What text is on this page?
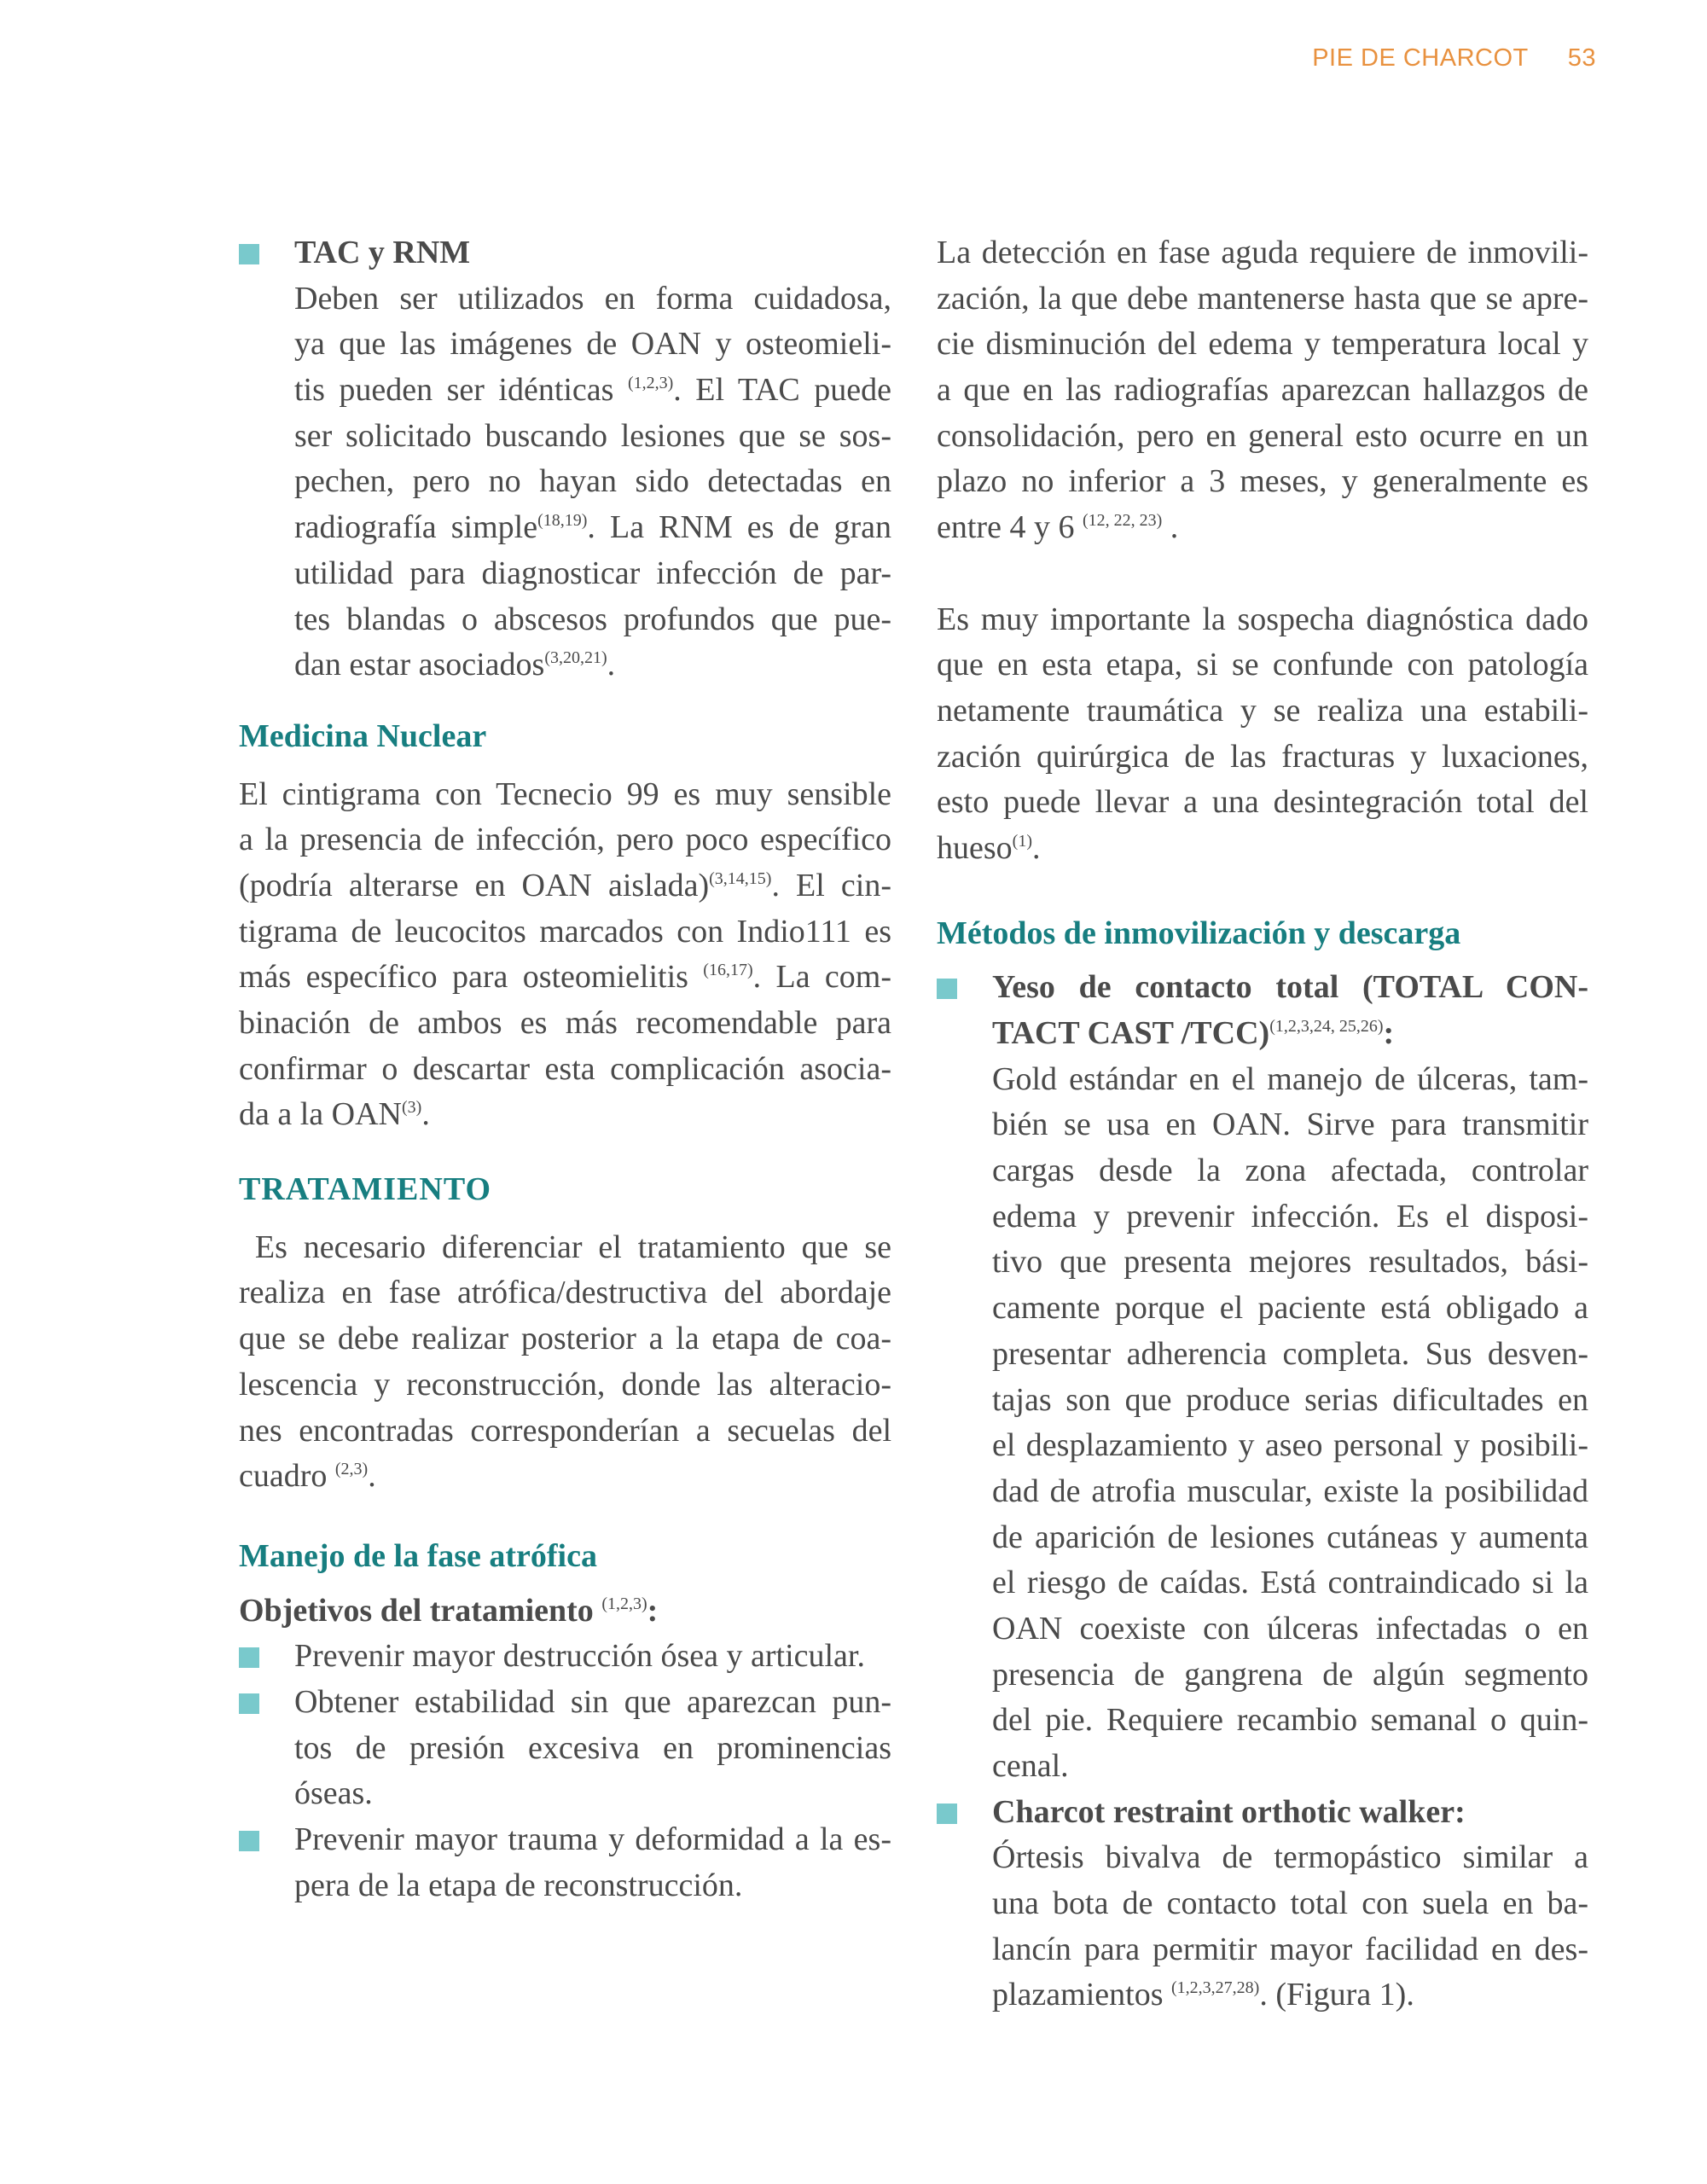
PIE DE CHARCOT 53
TAC y RNM
Deben ser utilizados en forma cuidadosa,
ya que las imágenes de OAN y osteomieli-
tis pueden ser idénticas $^{(1,2,3)}$. El TAC puede
ser solicitado buscando lesiones que se sos-
pechen, pero no hayan sido detectadas en
radiografía simple$^{(18,19)}$. La RNM es de gran
utilidad para diagnosticar infección de par-
tes blandas o abscesos profundos que pue-
dan estar asociados$^{(3,20,21)}$.
Medicina Nuclear
El cintigrama con Tecnecio 99 es muy sensible
a la presencia de infección, pero poco específico
(podría alterarse en OAN aislada)$^{(3,14,15)}$. El cin-
tigrama de leucocitos marcados con Indio111 es
más específico para osteomielitis $^{(16,17)}$. La com-
binación de ambos es más recomendable para
confirmar o descartar esta complicación asocia-
da a la OAN$^{(3)}$.
TRATAMIENTO
Es necesario diferenciar el tratamiento que se
realiza en fase atrófica/destructiva del abordaje
que se debe realizar posterior a la etapa de coa-
lescencia y reconstrucción, donde las alteracio-
nes encontradas corresponderían a secuelas del
cuadro $^{(2,3)}$.
Manejo de la fase atrófica
Objetivos del tratamiento $^{(1,2,3)}$:
Prevenir mayor destrucción ósea y articular.
Obtener estabilidad sin que aparezcan pun-
tos de presión excesiva en prominencias
óseas.
Prevenir mayor trauma y deformidad a la es-
pera de la etapa de reconstrucción.
La detección en fase aguda requiere de inmovili-
zación, la que debe mantenerse hasta que se apre-
cie disminución del edema y temperatura local y
a que en las radiografías aparezcan hallazgos de
consolidación, pero en general esto ocurre en un
plazo no inferior a 3 meses, y generalmente es
entre 4 y 6 $^{(12, 22, 23)}$ .
Es muy importante la sospecha diagnóstica dado
que en esta etapa, si se confunde con patología
netamente traumática y se realiza una estabili-
zación quirúrgica de las fracturas y luxaciones,
esto puede llevar a una desintegración total del
hueso$^{(1)}$.
Métodos de inmovilización y descarga
Yeso de contacto total (TOTAL CON-
TACT CAST /TCC)$^{(1,2,3,24, 25,26)}$:
Gold estándar en el manejo de úlceras, tam-
bién se usa en OAN. Sirve para transmitir
cargas desde la zona afectada, controlar
edema y prevenir infección. Es el disposi-
tivo que presenta mejores resultados, bási-
camente porque el paciente está obligado a
presentar adherencia completa. Sus desven-
tajas son que produce serias dificultades en
el desplazamiento y aseo personal y posibili-
dad de atrofia muscular, existe la posibilidad
de aparición de lesiones cutáneas y aumenta
el riesgo de caídas. Está contraindicado si la
OAN coexiste con úlceras infectadas o en
presencia de gangrena de algún segmento
del pie. Requiere recambio semanal o quin-
cenal.
Charcot restraint orthotic walker:
Órtesis bivalva de termopástico similar a
una bota de contacto total con suela en ba-
lancín para permitir mayor facilidad en des-
plazamientos $^{(1,2,3,27,28)}$. (Figura 1).
